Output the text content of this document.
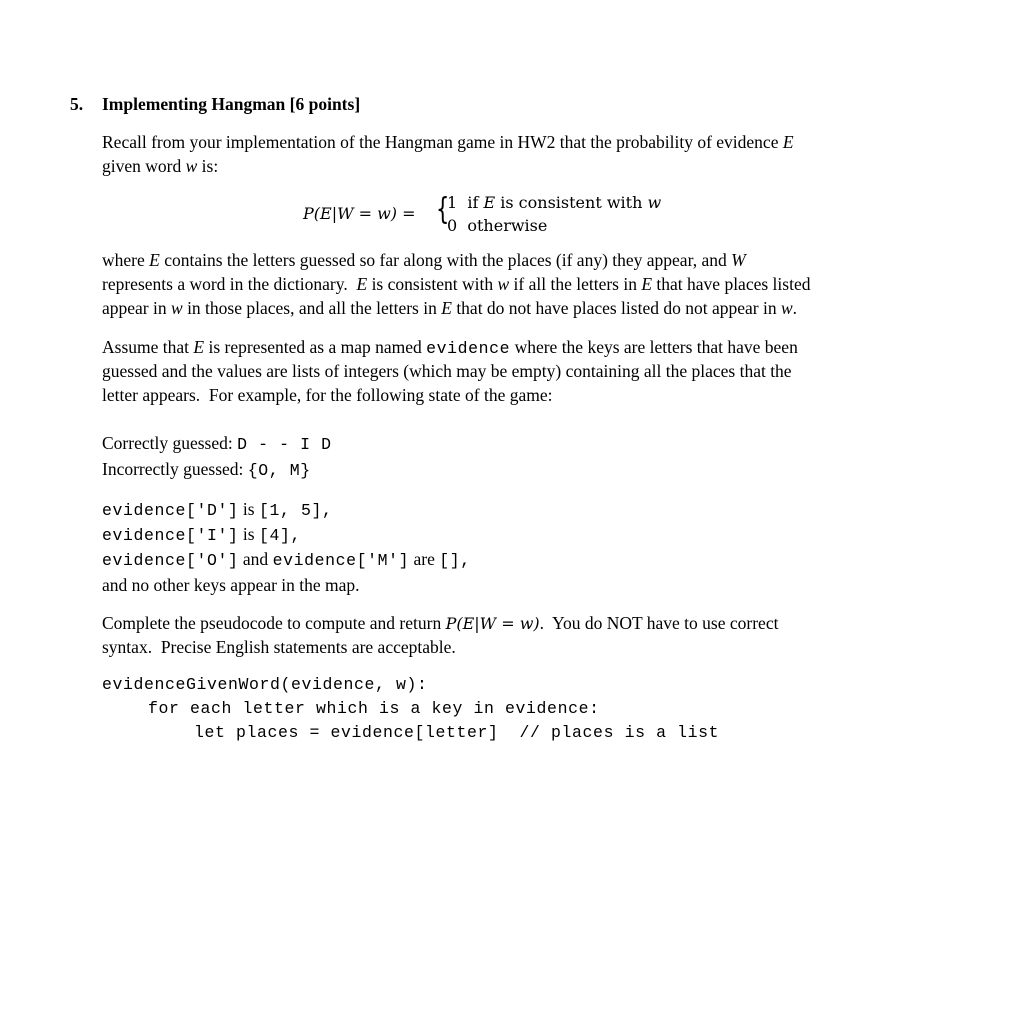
5. Implementing Hangman [6 points]
Recall from your implementation of the Hangman game in HW2 that the probability of evidence E
given word w is:
P(E|W = w) = {
1  if E is consistent with w
0  otherwise
where E contains the letters guessed so far along with the places (if any) they appear, and W
represents a word in the dictionary.  E is consistent with w if all the letters in E that have places listed
appear in w in those places, and all the letters in E that do not have places listed do not appear in w.
Assume that E is represented as a map named evidence where the keys are letters that have been
guessed and the values are lists of integers (which may be empty) containing all the places that the
letter appears.  For example, for the following state of the game:
Correctly guessed: D - - I D
Incorrectly guessed: {O, M}
evidence['D'] is [1, 5],
evidence['I'] is [4],
evidence['O'] and evidence['M'] are [],
and no other keys appear in the map.
Complete the pseudocode to compute and return P(E|W = w).  You do NOT have to use correct
syntax.  Precise English statements are acceptable.
evidenceGivenWord(evidence, w):
for each letter which is a key in evidence:
let places = evidence[letter]  // places is a list
